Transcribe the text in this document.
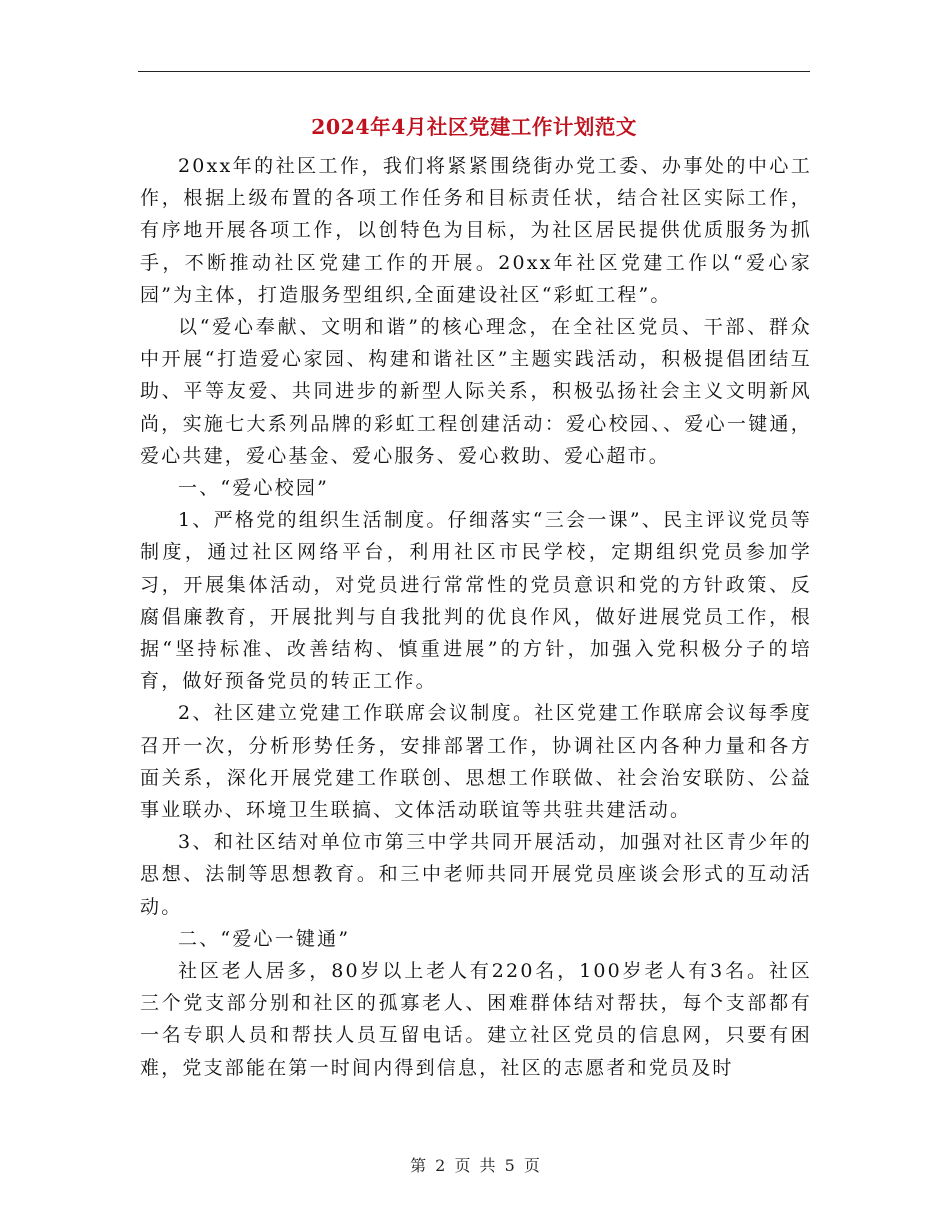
2024年4月社区党建工作计划范文

20xx年的社区工作，我们将紧紧围绕街办党工委、办事处的中心工作，根据上级布置的各项工作任务和目标责任状，结合社区实际工作，有序地开展各项工作，以创特色为目标，为社区居民提供优质服务为抓手，不断推动社区党建工作的开展。20xx年社区党建工作以“爱心家园”为主体，打造服务型组织,全面建设社区“彩虹工程”。

以“爱心奉献、文明和谐”的核心理念，在全社区党员、干部、群众中开展“打造爱心家园、构建和谐社区”主题实践活动，积极提倡团结互助、平等友爱、共同进步的新型人际关系，积极弘扬社会主义文明新风尚，实施七大系列品牌的彩虹工程创建活动：爱心校园、、爱心一键通，爱心共建，爱心基金、爱心服务、爱心救助、爱心超市。

一、“爱心校园”

1、严格党的组织生活制度。仔细落实“三会一课”、民主评议党员等制度，通过社区网络平台，利用社区市民学校，定期组织党员参加学习，开展集体活动，对党员进行常常性的党员意识和党的方针政策、反腐倡廉教育，开展批判与自我批判的优良作风，做好进展党员工作，根据“坚持标准、改善结构、慎重进展”的方针，加强入党积极分子的培育，做好预备党员的转正工作。

2、社区建立党建工作联席会议制度。社区党建工作联席会议每季度召开一次，分析形势任务，安排部署工作，协调社区内各种力量和各方面关系，深化开展党建工作联创、思想工作联做、社会治安联防、公益事业联办、环境卫生联搞、文体活动联谊等共驻共建活动。

3、和社区结对单位市第三中学共同开展活动，加强对社区青少年的思想、法制等思想教育。和三中老师共同开展党员座谈会形式的互动活动。

二、“爱心一键通”

社区老人居多，80岁以上老人有220名，100岁老人有3名。社区三个党支部分别和社区的孤寡老人、困难群体结对帮扶，每个支部都有一名专职人员和帮扶人员互留电话。建立社区党员的信息网，只要有困难，党支部能在第一时间内得到信息，社区的志愿者和党员及时

第 2 页 共 5 页
